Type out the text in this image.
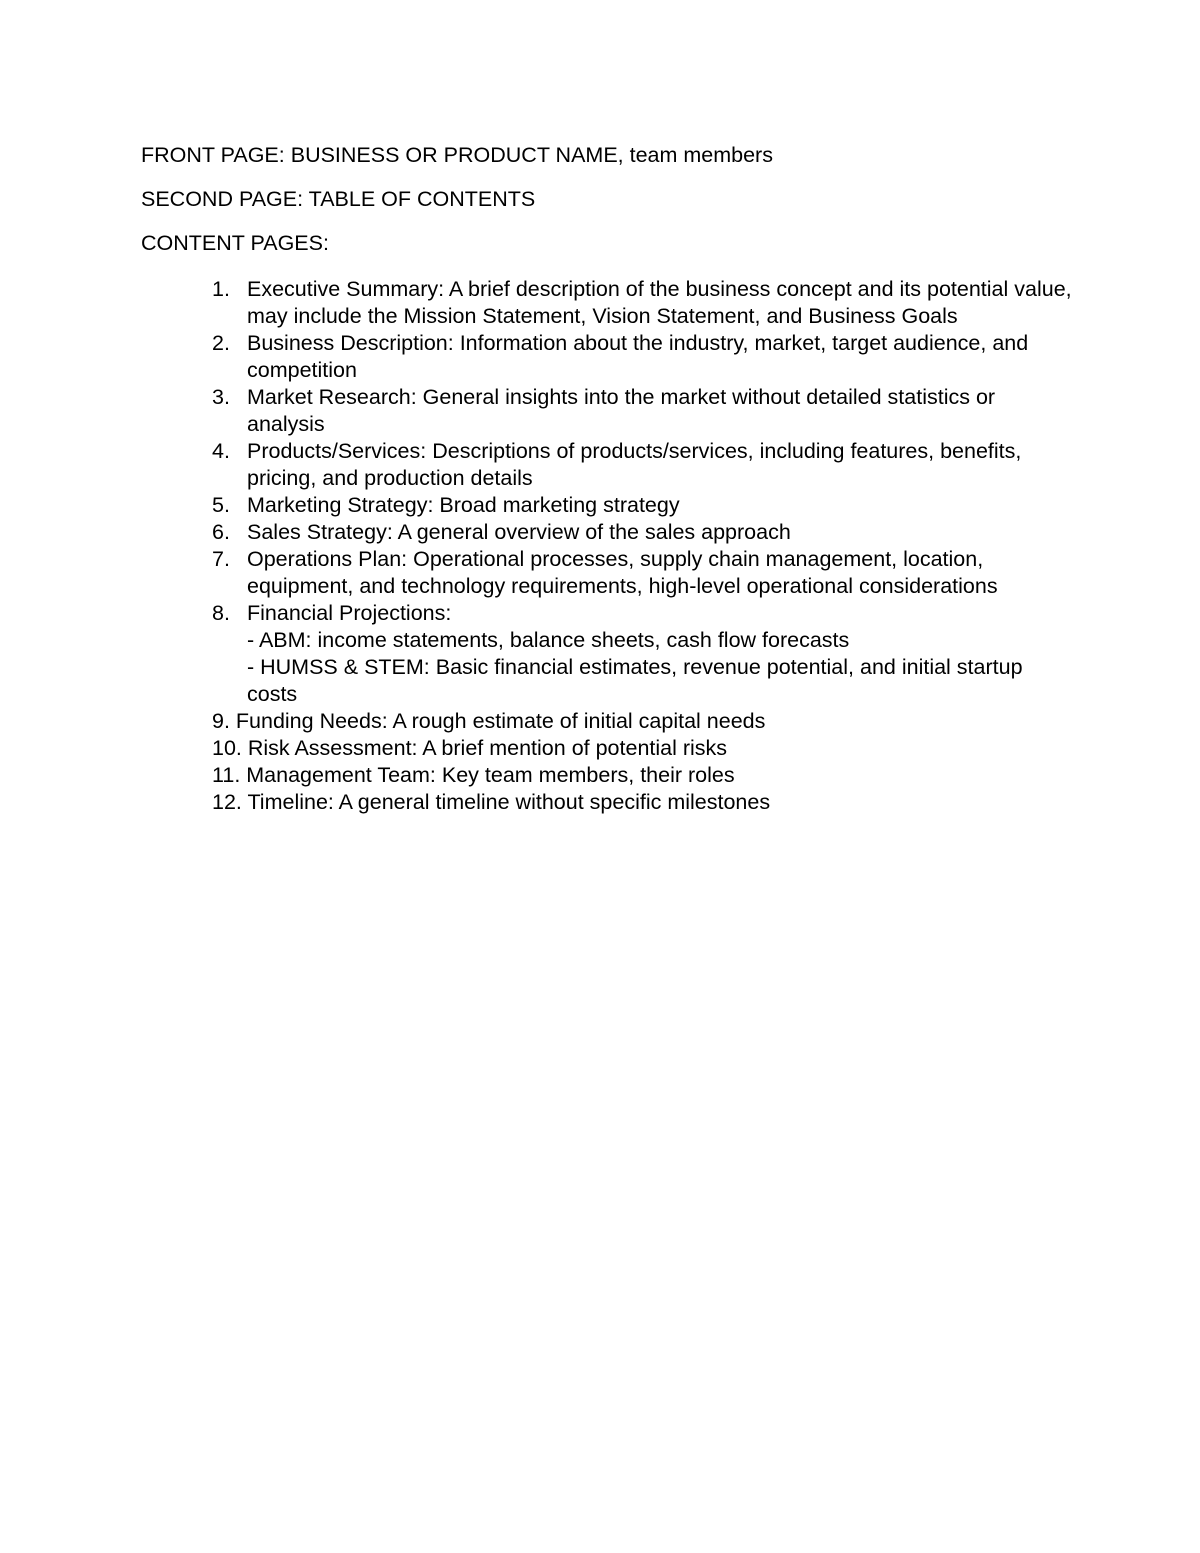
FRONT PAGE: BUSINESS OR PRODUCT NAME, team members
SECOND PAGE: TABLE OF CONTENTS
CONTENT PAGES:
1. Executive Summary: A brief description of the business concept and its potential value, may include the Mission Statement, Vision Statement, and Business Goals
2. Business Description: Information about the industry, market, target audience, and competition
3. Market Research: General insights into the market without detailed statistics or analysis
4. Products/Services: Descriptions of products/services, including features, benefits, pricing, and production details
5. Marketing Strategy: Broad marketing strategy
6. Sales Strategy: A general overview of the sales approach
7. Operations Plan: Operational processes, supply chain management, location, equipment, and technology requirements, high-level operational considerations
8. Financial Projections:
- ABM: income statements, balance sheets, cash flow forecasts
- HUMSS & STEM: Basic financial estimates, revenue potential, and initial startup costs
9. Funding Needs: A rough estimate of initial capital needs
10. Risk Assessment: A brief mention of potential risks
11. Management Team: Key team members, their roles
12. Timeline: A general timeline without specific milestones
